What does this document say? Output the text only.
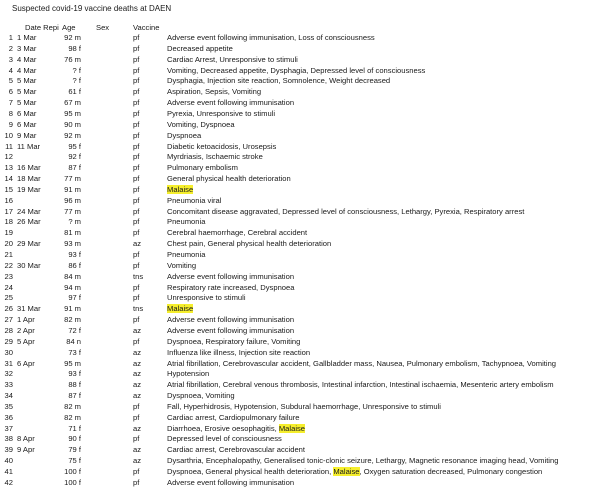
Suspected covid-19 vaccine deaths at DAEN
Date Repi Age	Sex	Vaccine
1 1 Mar	92 m	pf	Adverse event following immunisation, Loss of consciousness
2 3 Mar	98 f	pf	Decreased appetite
3 4 Mar	76 m	pf	Cardiac Arrest, Unresponsive to stimuli
4 4 Mar	? f	pf	Vomiting, Decreased appetite, Dysphagia, Depressed level of consciousness
5 5 Mar	? f	pf	Dysphagia, Injection site reaction, Somnolence, Weight decreased
6 5 Mar	61 f	pf	Aspiration, Sepsis, Vomiting
7 5 Mar	67 m	pf	Adverse event following immunisation
8 6 Mar	95 m	pf	Pyrexia, Unresponsive to stimuli
9 6 Mar	90 m	pf	Vomiting, Dyspnoea
10 9 Mar	92 m	pf	Dyspnoea
11 11 Mar	95 f	pf	Diabetic ketoacidosis, Urosepsis
12	92 f	pf	Myrdriasis, Ischaemic stroke
13 16 Mar	87 f	pf	Pulmonary embolism
14 18 Mar	77 m	pf	General physical health deterioration
15 19 Mar	91 m	pf	Malaise
16	96 m	pf	Pneumonia viral
17 24 Mar	77 m	pf	Concomitant disease aggravated, Depressed level of consciousness, Lethargy, Pyrexia, Respiratory arrest
18 26 Mar	? m	pf	Pneumonia
19	81 m	pf	Cerebral haemorrhage, Cerebral accident
20 29 Mar	93 m	az	Chest pain, General physical health deterioration
21	93 f	pf	Pneumonia
22 30 Mar	86 f	pf	Vomiting
23	84 m	tns	Adverse event following immunisation
24	94 m	pf	Respiratory rate increased, Dyspnoea
25	97 f	pf	Unresponsive to stimuli
26 31 Mar	91 m	tns	Malaise
27 1 Apr	82 m	pf	Adverse event following immunisation
28 2 Apr	72 f	az	Adverse event following immunisation
29 5 Apr	84 n	pf	Dyspnoea, Respiratory failure, Vomiting
30	73 f	az	Influenza like illness, Injection site reaction
31 6 Apr	95 m	az	Atrial fibrillation, Cerebrovascular accident, Gallbladder mass, Nausea, Pulmonary embolism, Tachypnoea, Vomiting
32	93 f	az	Hypotension
33	88 f	az	Atrial fibrillation, Cerebral venous thrombosis, Intestinal infarction, Intestinal ischaemia, Mesenteric artery embolism
34	87 f	az	Dyspnoea, Vomiting
35	82 m	pf	Fall, Hyperhidrosis, Hypotension, Subdural haemorrhage, Unresponsive to stimuli
36	82 m	pf	Cardiac arrest, Cardiopulmonary failure
37	71 f	az	Diarrhoea, Erosive oesophagitis, Malaise
38 8 Apr	90 f	pf	Depressed level of consciousness
39 9 Apr	79 f	az	Cardiac arrest, Cerebrovascular accident
40	75 f	az	Dysarthria, Encephalopathy, Generalised tonic-clonic seizure, Lethargy, Magnetic resonance imaging head, Vomiting
41	100 f	pf	Dyspnoea, General physical health deterioration, Malaise, Oxygen saturation decreased, Pulmonary congestion
42	100 f	pf	Adverse event following immunisation
